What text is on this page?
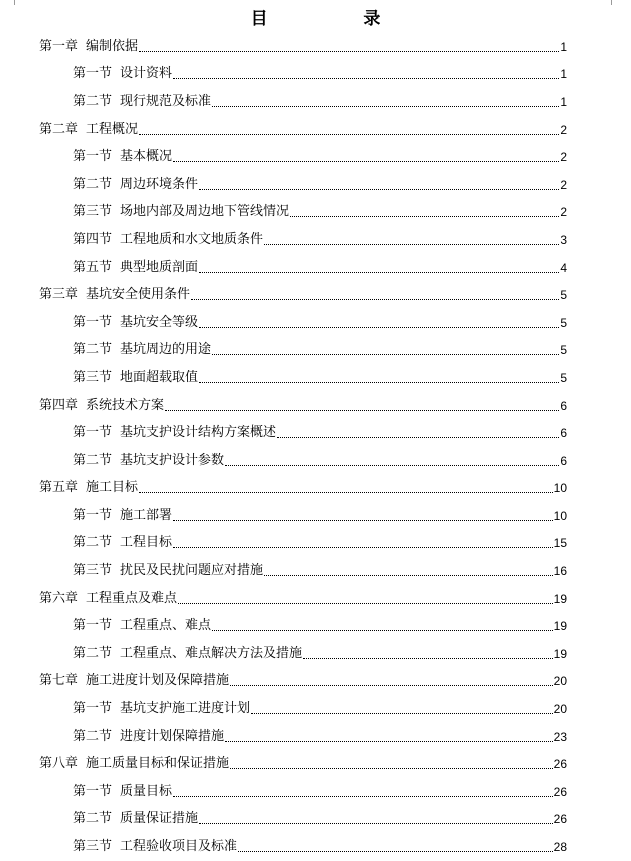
目  录
第一章 编制依据	1
第一节 设计资料	1
第二节 现行规范及标准	1
第二章 工程概况	2
第一节 基本概况	2
第二节 周边环境条件	2
第三节 场地内部及周边地下管线情况	2
第四节 工程地质和水文地质条件	3
第五节 典型地质剖面	4
第三章 基坑安全使用条件	5
第一节 基坑安全等级	5
第二节 基坑周边的用途	5
第三节 地面超载取值	5
第四章 系统技术方案	6
第一节 基坑支护设计结构方案概述	6
第二节 基坑支护设计参数	6
第五章 施工目标	10
第一节 施工部署	10
第二节 工程目标	15
第三节 扰民及民扰问题应对措施	16
第六章 工程重点及难点	19
第一节 工程重点、难点	19
第二节 工程重点、难点解决方法及措施	19
第七章 施工进度计划及保障措施	20
第一节 基坑支护施工进度计划	20
第二节 进度计划保障措施	23
第八章 施工质量目标和保证措施	26
第一节 质量目标	26
第二节 质量保证措施	26
第三节 工程验收项目及标准	28
